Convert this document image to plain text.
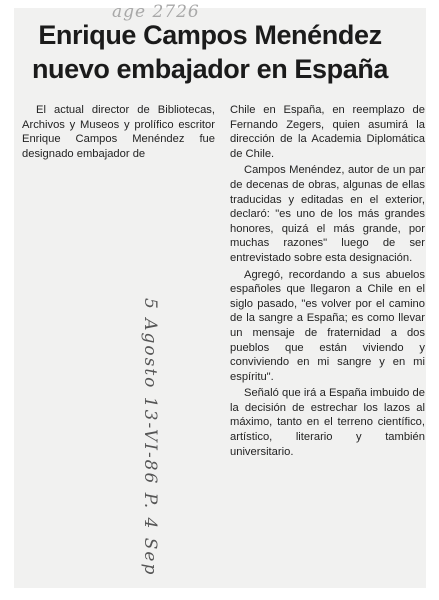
age 2726
Enrique Campos Menéndez
nuevo embajador en España

El actual director de Bibliotecas, Archivos y Museos y prolífico escritor Enrique Campos Menéndez fue designado embajador de

Chile en España, en reemplazo de Fernando Zegers, quien asumirá la dirección de la Academia Diplomática de Chile.

Campos Menéndez, autor de un par de decenas de obras, algunas de ellas traducidas y editadas en el exterior, declaró: "es uno de los más grandes honores, quizá el más grande, por muchas razones" luego de ser entrevistado sobre esta designación.

Agregó, recordando a sus abuelos españoles que llegaron a Chile en el siglo pasado, "es volver por el camino de la sangre a España; es como llevar un mensaje de fraternidad a dos pueblos que están viviendo y conviviendo en mi sangre y en mi espíritu".

Señaló que irá a España imbuido de la decisión de estrechar los lazos al máximo, tanto en el terreno científico, artístico, literario y también universitario.

5 Agosto 13-VI-86 P. 4 Sep
